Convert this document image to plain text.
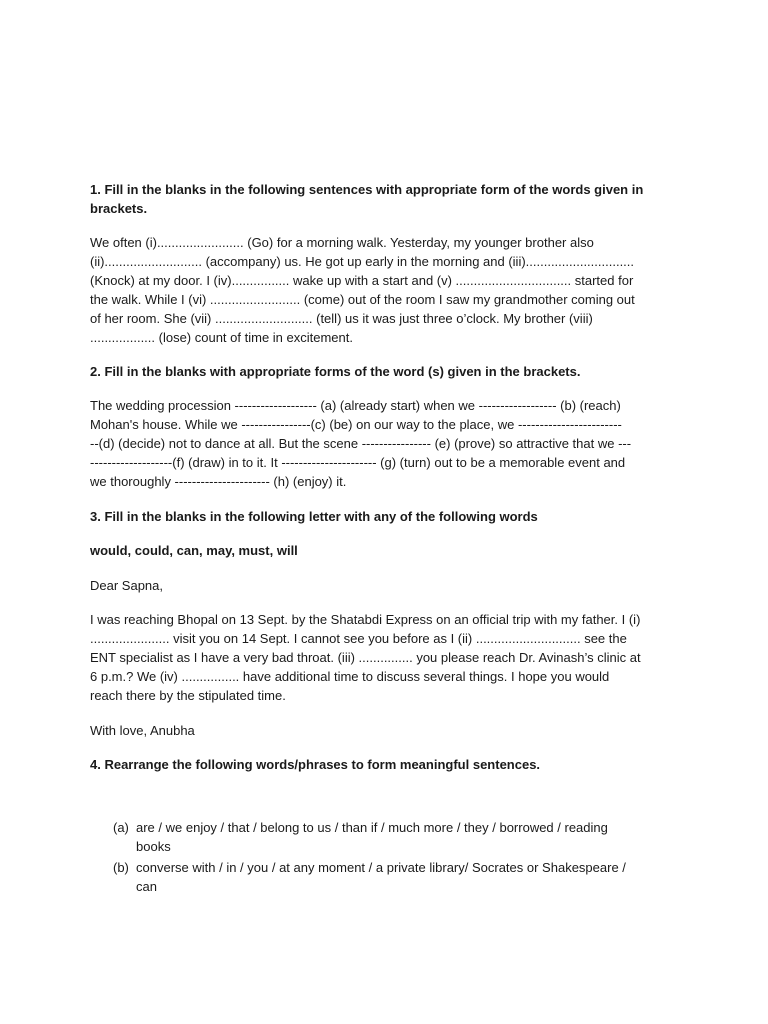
1. Fill in the blanks in the following sentences with appropriate form of the words given in
brackets.
We often (i)........................ (Go) for a morning walk. Yesterday, my younger brother also
(ii)........................... (accompany) us. He got up early in the morning and (iii)..............................
(Knock) at my door. I (iv)................ wake up with a start and (v) ................................ started for
the walk. While I (vi) ......................... (come) out of the room I saw my grandmother coming out
of her room. She (vii) ........................... (tell) us it was just three o’clock. My brother (viii)
.................. (lose) count of time in excitement.
2. Fill in the blanks with appropriate forms of the word (s) given in the brackets.
The wedding procession ------------------- (a) (already start) when we ------------------ (b) (reach)
Mohan's house. While we ----------------(c) (be) on our way to the place, we ------------------------
--(d) (decide) not to dance at all. But the scene ---------------- (e) (prove) so attractive that we ---
-------------------(f) (draw) in to it. It ---------------------- (g) (turn) out to be a memorable event and
we thoroughly ---------------------- (h) (enjoy) it.
3. Fill in the blanks in the following letter with any of the following words
would, could, can, may, must, will
Dear Sapna,
I was reaching Bhopal on 13 Sept. by the Shatabdi Express on an official trip with my father. I (i)
...................... visit you on 14 Sept. I cannot see you before as I (ii) ............................. see the
ENT specialist as I have a very bad throat. (iii) ............... you please reach Dr. Avinash’s clinic at
6 p.m.? We (iv) ................ have additional time to discuss several things. I hope you would
reach there by the stipulated time.
With love, Anubha
4. Rearrange the following words/phrases to form meaningful sentences.
(a) are / we enjoy / that / belong to us / than if / much more / they / borrowed / reading
books
(b) converse with / in / you / at any moment / a private library/ Socrates or Shakespeare /
can
